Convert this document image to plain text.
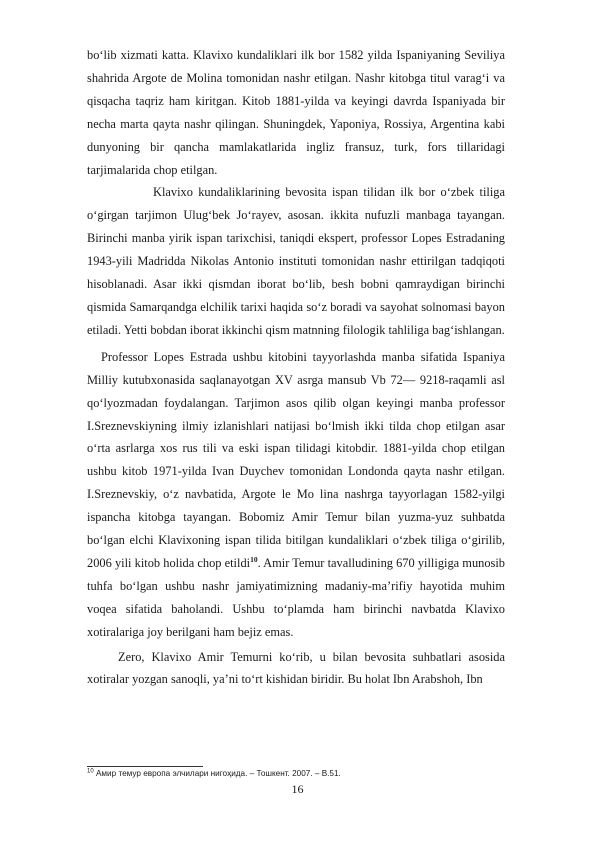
bo‘lib xizmati katta. Klavixo kundaliklari ilk bor 1582 yilda Ispaniyaning Seviliya shahrida Argote de Molina tomonidan nashr etilgan. Nashr kitobga titul varag‘i va qisqacha taqriz ham kiritgan. Kitob 1881-yilda va keyingi davrda Ispaniyada bir necha marta qayta nashr qilingan. Shuningdek, Yaponiya, Rossiya, Argentina kabi dunyoning bir qancha mamlakatlarida ingliz fransuz, turk, fors tillaridagi tarjimalarida chop etilgan.

Klavixo kundaliklarining bevosita ispan tilidan ilk bor o‘zbek tiliga o‘girgan tarjimon Ulug‘bek Jo‘rayev, asosan. ikkita nufuzli manbaga tayangan. Birinchi manba yirik ispan tarixchisi, taniqdi ekspert, professor Lopes Estradaning 1943-yili Madridda Nikolas Antonio instituti tomonidan nashr ettirilgan tadqiqoti hisoblanadi. Asar ikki qismdan iborat bo‘lib, besh bobni qamraydigan birinchi qismida Samarqandga elchilik tarixi haqida so‘z boradi va sayohat solnomasi bayon etiladi. Yetti bobdan iborat ikkinchi qism matnning filologik tahliliga bag‘ishlangan.

Professor Lopes Estrada ushbu kitobini tayyorlashda manba sifatida Ispaniya Milliy kutubxonasida saqlanayotgan XV asrga mansub Vb 72— 9218-raqamli asl qo‘lyozmadan foydalangan. Tarjimon asos qilib olgan keyingi manba professor I.Sreznevskiyning ilmiy izlanishlari natijasi bo‘lmish ikki tilda chop etilgan asar o‘rta asrlarga xos rus tili va eski ispan tilidagi kitobdir. 1881-yilda chop etilgan ushbu kitob 1971-yilda Ivan Duychev tomonidan Londonda qayta nashr etilgan. I.Sreznevskiy, o‘z navbatida, Argote le Mo lina nashrga tayyorlagan 1582-yilgi ispancha kitobga tayangan. Bobomiz Amir Temur bilan yuzma-yuz suhbatda bo‘lgan elchi Klavixoning ispan tilida bitilgan kundaliklari o‘zbek tiliga o‘girilib, 2006 yili kitob holida chop etildi$^{10}$. Amir Temur tavalludining 670 yilligiga munosib tuhfa bo‘lgan ushbu nashr jamiyatimizning madaniy-ma’rifiy hayotida muhim voqea sifatida baholandi. Ushbu to‘plamda ham birinchi navbatda Klavixo xotiralariga joy berilgani ham bejiz emas.

Zero, Klavixo Amir Temurni ko‘rib, u bilan bevosita suhbatlari asosida xotiralar yozgan sanoqli, ya’ni to‘rt kishidan biridir. Bu holat Ibn Arabshoh, Ibn

$^{10}$ Амир темур европа элчилари нигоҳида. – Тошкент. 2007. – В.51.
16
